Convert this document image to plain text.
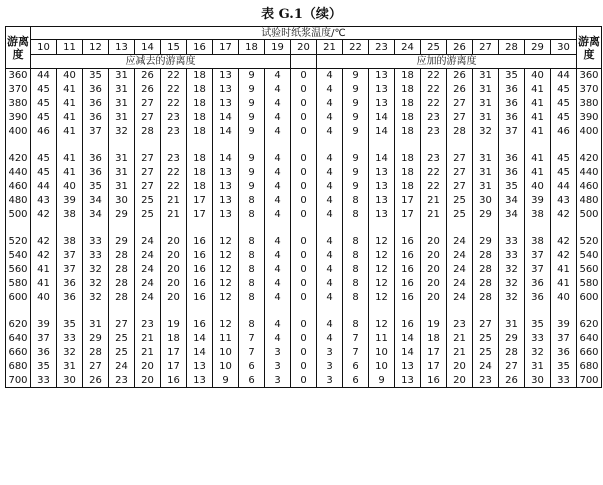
表 G.1（续）
游离度	试验时纸浆温度/℃																					游离度
	10	11	12	13	14	15	16	17	18	19	20	21	22	23	24	25	26	27	28	29	30	
	应减去的游离度											应加的游离度										
360	44	40	35	31	26	22	18	13	9	4	0	4	9	13	18	22	26	31	35	40	44	360
370	45	41	36	31	26	22	18	13	9	4	0	4	9	13	18	22	26	31	36	41	45	370
380	45	41	36	31	27	22	18	13	9	4	0	4	9	13	18	22	27	31	36	41	45	380
390	45	41	36	31	27	23	18	14	9	4	0	4	9	14	18	23	27	31	36	41	45	390
400	46	41	37	32	28	23	18	14	9	4	0	4	9	14	18	23	28	32	37	41	46	400

420	45	41	36	31	27	23	18	14	9	4	0	4	9	14	18	23	27	31	36	41	45	420
440	45	41	36	31	27	22	18	13	9	4	0	4	9	13	18	22	27	31	36	41	45	440
460	44	40	35	31	27	22	18	13	9	4	0	4	9	13	18	22	27	31	35	40	44	460
480	43	39	34	30	25	21	17	13	8	4	0	4	8	13	17	21	25	30	34	39	43	480
500	42	38	34	29	25	21	17	13	8	4	0	4	8	13	17	21	25	29	34	38	42	500

520	42	38	33	29	24	20	16	12	8	4	0	4	8	12	16	20	24	29	33	38	42	520
540	42	37	33	28	24	20	16	12	8	4	0	4	8	12	16	20	24	28	33	37	42	540
560	41	37	32	28	24	20	16	12	8	4	0	4	8	12	16	20	24	28	32	37	41	560
580	41	36	32	28	24	20	16	12	8	4	0	4	8	12	16	20	24	28	32	36	41	580
600	40	36	32	28	24	20	16	12	8	4	0	4	8	12	16	20	24	28	32	36	40	600

620	39	35	31	27	23	19	16	12	8	4	0	4	8	12	16	19	23	27	31	35	39	620
640	37	33	29	25	21	18	14	11	7	4	0	4	7	11	14	18	21	25	29	33	37	640
660	36	32	28	25	21	17	14	10	7	3	0	3	7	10	14	17	21	25	28	32	36	660
680	35	31	27	24	20	17	13	10	6	3	0	3	6	10	13	17	20	24	27	31	35	680
700	33	30	26	23	20	16	13	9	6	3	0	3	6	9	13	16	20	23	26	30	33	700
